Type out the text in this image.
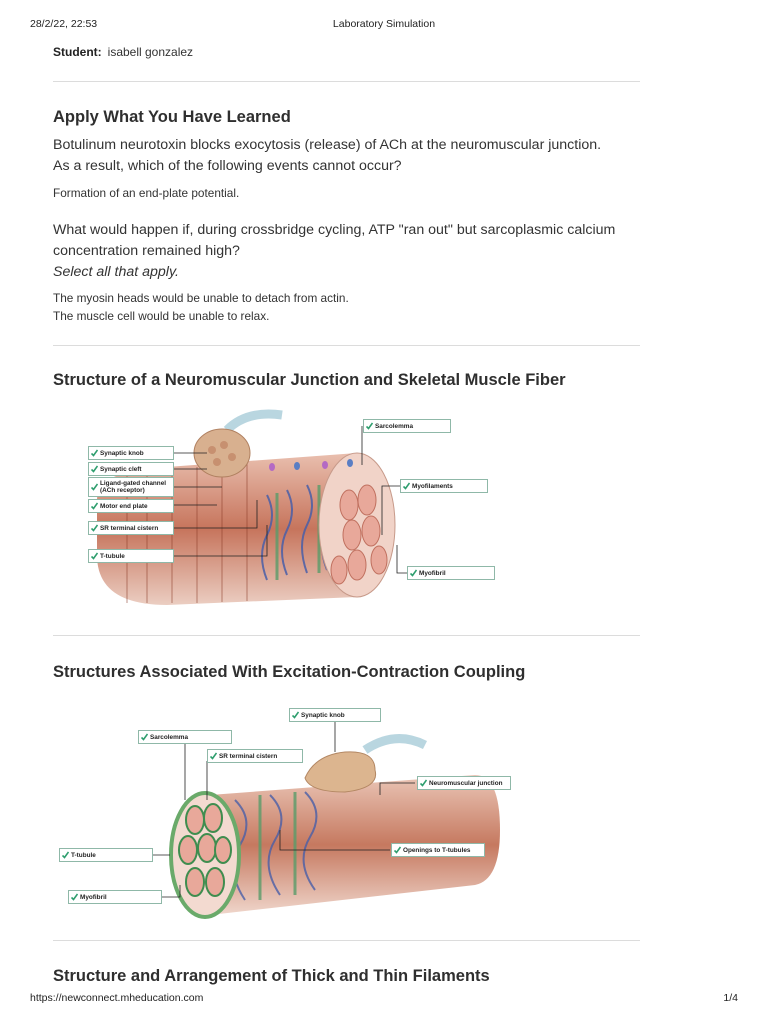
28/2/22, 22:53	Laboratory Simulation
Student: isabell gonzalez
Apply What You Have Learned
Botulinum neurotoxin blocks exocytosis (release) of ACh at the neuromuscular junction.
As a result, which of the following events cannot occur?
Formation of an end-plate potential.
What would happen if, during crossbridge cycling, ATP "ran out" but sarcoplasmic calcium
concentration remained high?
Select all that apply.
The myosin heads would be unable to detach from actin.
The muscle cell would be unable to relax.
Structure of a Neuromuscular Junction and Skeletal Muscle Fiber
Structures Associated With Excitation-Contraction Coupling
Structure and Arrangement of Thick and Thin Filaments
Synaptic knob
Synaptic cleft
Ligand-gated channel
(ACh receptor)
Motor end plate
SR terminal cistern
T-tubule
Sarcolemma
Myofilaments
Myofibril
Synaptic knob
Sarcolemma
SR terminal cistern
Neuromuscular junction
T-tubule
Openings to T-tubules
Myofibril
https://newconnect.mheducation.com	1/4
